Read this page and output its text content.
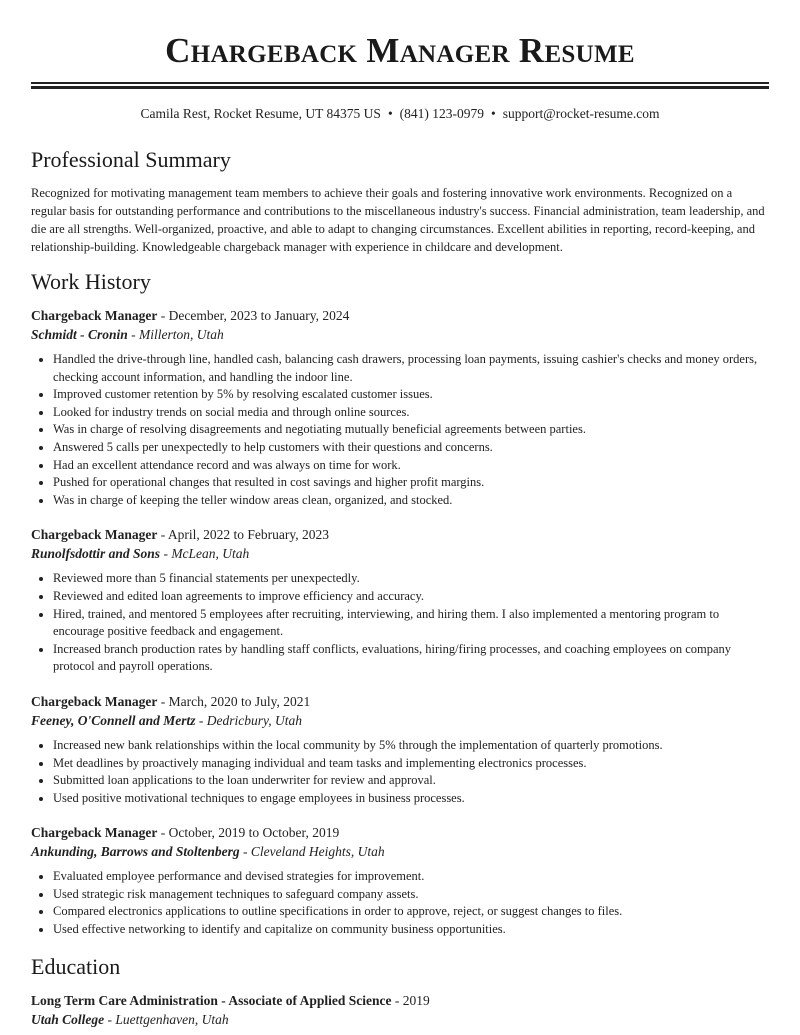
Chargeback Manager Resume
Camila Rest, Rocket Resume, UT 84375 US • (841) 123-0979 • support@rocket-resume.com
Professional Summary

Recognized for motivating management team members to achieve their goals and fostering innovative work environments. Recognized on a regular basis for outstanding performance and contributions to the miscellaneous industry's success. Financial administration, team leadership, and die are all strengths. Well-organized, proactive, and able to adapt to changing circumstances. Excellent abilities in reporting, record-keeping, and relationship-building. Knowledgeable chargeback manager with experience in childcare and development.

Work History
Chargeback Manager - December, 2023 to January, 2024
Schmidt - Cronin - Millerton, Utah
• Handled the drive-through line, handled cash, balancing cash drawers, processing loan payments, issuing cashier's checks and money orders, checking account information, and handling the indoor line.
• Improved customer retention by 5% by resolving escalated customer issues.
• Looked for industry trends on social media and through online sources.
• Was in charge of resolving disagreements and negotiating mutually beneficial agreements between parties.
• Answered 5 calls per unexpectedly to help customers with their questions and concerns.
• Had an excellent attendance record and was always on time for work.
• Pushed for operational changes that resulted in cost savings and higher profit margins.
• Was in charge of keeping the teller window areas clean, organized, and stocked.
Chargeback Manager - April, 2022 to February, 2023
Runolfsdottir and Sons - McLean, Utah
• Reviewed more than 5 financial statements per unexpectedly.
• Reviewed and edited loan agreements to improve efficiency and accuracy.
• Hired, trained, and mentored 5 employees after recruiting, interviewing, and hiring them. I also implemented a mentoring program to encourage positive feedback and engagement.
• Increased branch production rates by handling staff conflicts, evaluations, hiring/firing processes, and coaching employees on company protocol and payroll operations.
Chargeback Manager - March, 2020 to July, 2021
Feeney, O'Connell and Mertz - Dedricbury, Utah
• Increased new bank relationships within the local community by 5% through the implementation of quarterly promotions.
• Met deadlines by proactively managing individual and team tasks and implementing electronics processes.
• Submitted loan applications to the loan underwriter for review and approval.
• Used positive motivational techniques to engage employees in business processes.
Chargeback Manager - October, 2019 to October, 2019
Ankunding, Barrows and Stoltenberg - Cleveland Heights, Utah
• Evaluated employee performance and devised strategies for improvement.
• Used strategic risk management techniques to safeguard company assets.
• Compared electronics applications to outline specifications in order to approve, reject, or suggest changes to files.
• Used effective networking to identify and capitalize on community business opportunities.
Education
Long Term Care Administration - Associate of Applied Science - 2019
Utah College - Luettgenhaven, Utah
